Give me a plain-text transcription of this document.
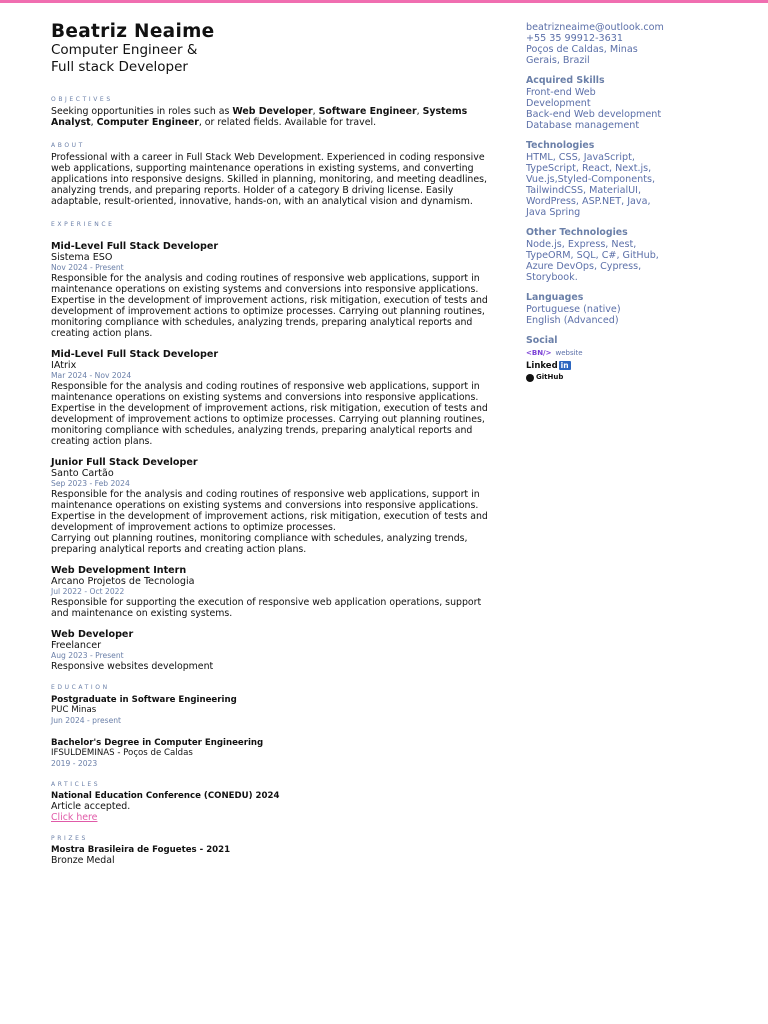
Beatriz Neaime
Computer Engineer &
Full stack Developer
OBJECTIVES
Seeking opportunities in roles such as Web Developer, Software Engineer, Systems Analyst, Computer Engineer, or related fields. Available for travel.
ABOUT
Professional with a career in Full Stack Web Development. Experienced in coding responsive web applications, supporting maintenance operations in existing systems, and converting applications into responsive designs. Skilled in planning, monitoring, and meeting deadlines, analyzing trends, and preparing reports. Holder of a category B driving license. Easily adaptable, result-oriented, innovative, hands-on, with an analytical vision and dynamism.
EXPERIENCE
Mid-Level Full Stack Developer
Sistema ESO
Nov 2024 - Present
Responsible for the analysis and coding routines of responsive web applications, support in maintenance operations on existing systems and conversions into responsive applications.
Expertise in the development of improvement actions, risk mitigation, execution of tests and development of improvement actions to optimize processes. Carrying out planning routines, monitoring compliance with schedules, analyzing trends, preparing analytical reports and creating action plans.
Mid-Level Full Stack Developer
IAtrix
Mar 2024 - Nov 2024
Responsible for the analysis and coding routines of responsive web applications, support in maintenance operations on existing systems and conversions into responsive applications.
Expertise in the development of improvement actions, risk mitigation, execution of tests and development of improvement actions to optimize processes. Carrying out planning routines, monitoring compliance with schedules, analyzing trends, preparing analytical reports and creating action plans.
Junior Full Stack Developer
Santo Cartão
Sep 2023 - Feb 2024
Responsible for the analysis and coding routines of responsive web applications, support in maintenance operations on existing systems and conversions into responsive applications.
Expertise in the development of improvement actions, risk mitigation, execution of tests and development of improvement actions to optimize processes.
Carrying out planning routines, monitoring compliance with schedules, analyzing trends, preparing analytical reports and creating action plans.
Web Development Intern
Arcano Projetos de Tecnologia
Jul 2022 - Oct 2022
Responsible for supporting the execution of responsive web application operations, support and maintenance on existing systems.
Web Developer
Freelancer
Aug 2023 - Present
Responsive websites development
EDUCATION
Postgraduate in Software Engineering
PUC Minas
Jun 2024 - present
Bachelor's Degree in Computer Engineering
IFSULDEMINAS - Poços de Caldas
2019 - 2023
ARTICLES
National Education Conference (CONEDU) 2024
Article accepted.
Click here
PRIZES
Mostra Brasileira de Foguetes - 2021
Bronze Medal
beatrizneaime@outlook.com
+55 35 99912-3631
Poços de Caldas, Minas
Gerais, Brazil
Acquired Skills
Front-end Web
Development
Back-end Web development
Database management
Technologies
HTML, CSS, JavaScript,
TypeScript, React, Next.js,
Vue.js,Styled-Components,
TailwindCSS, MaterialUI,
WordPress, ASP.NET, Java,
Java Spring
Other Technologies
Node.js, Express, Nest,
TypeORM, SQL, C#, GitHub,
Azure DevOps, Cypress,
Storybook.
Languages
Portuguese (native)
English (Advanced)
Social
<BN/> website
Linked in
GitHub
